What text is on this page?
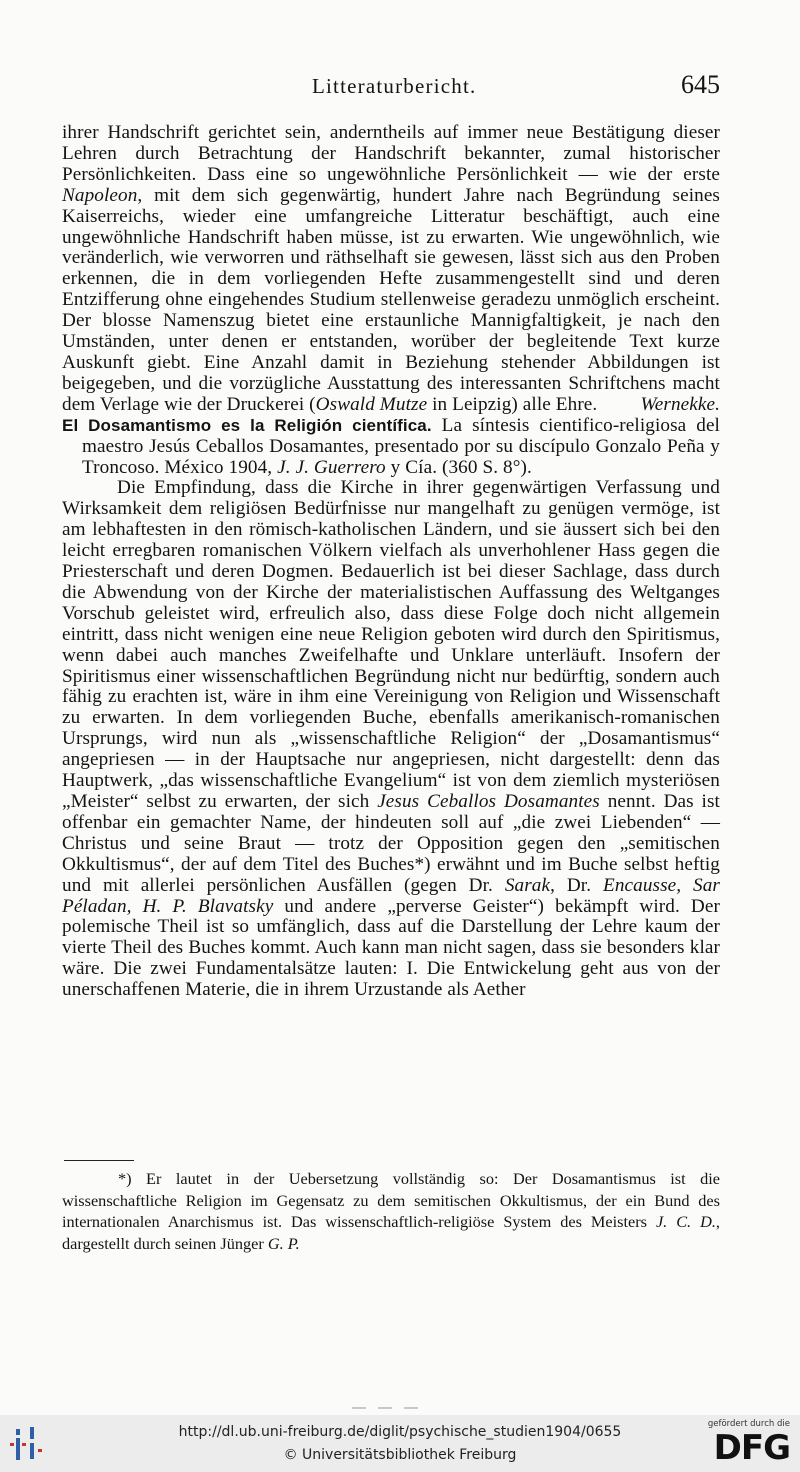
Litteraturbericht.	645

ihrer Handschrift gerichtet sein, anderntheils auf immer neue Bestätigung dieser Lehren durch Betrachtung der Handschrift bekannter, zumal historischer Persönlichkeiten. Dass eine so ungewöhnliche Persönlichkeit — wie der erste Napoleon, mit dem sich gegenwärtig, hundert Jahre nach Begründung seines Kaiserreichs, wieder eine umfangreiche Litteratur beschäftigt, auch eine ungewöhnliche Handschrift haben müsse, ist zu erwarten. Wie ungewöhnlich, wie veränderlich, wie verworren und räthselhaft sie gewesen, lässt sich aus den Proben erkennen, die in dem vorliegenden Hefte zusammengestellt sind und deren Entzifferung ohne eingehendes Studium stellenweise geradezu unmöglich erscheint. Der blosse Namenszug bietet eine erstaunliche Mannigfaltigkeit, je nach den Umständen, unter denen er entstanden, worüber der begleitende Text kurze Auskunft giebt. Eine Anzahl damit in Beziehung stehender Abbildungen ist beigegeben, und die vorzügliche Ausstattung des interessanten Schriftchens macht dem Verlage wie der Druckerei (Oswald Mutze in Leipzig) alle Ehre. Wernekke.

El Dosamantismo es la Religión científica. La síntesis cientifico-religiosa del maestro Jesús Ceballos Dosamantes, presentado por su discípulo Gonzalo Peña y Troncoso. México 1904, J. J. Guerrero y Cía. (360 S. 8°).

Die Empfindung, dass die Kirche in ihrer gegenwärtigen Verfassung und Wirksamkeit dem religiösen Bedürfnisse nur mangelhaft zu genügen vermöge, ist am lebhaftesten in den römisch-katholischen Ländern, und sie äussert sich bei den leicht erregbaren romanischen Völkern vielfach als unverhohlener Hass gegen die Priesterschaft und deren Dogmen. Bedauerlich ist bei dieser Sachlage, dass durch die Abwendung von der Kirche der materialistischen Auffassung des Weltganges Vorschub geleistet wird, erfreulich also, dass diese Folge doch nicht allgemein eintritt, dass nicht wenigen eine neue Religion geboten wird durch den Spiritismus, wenn dabei auch manches Zweifelhafte und Unklare unterläuft. Insofern der Spiritismus einer wissenschaftlichen Begründung nicht nur bedürftig, sondern auch fähig zu erachten ist, wäre in ihm eine Vereinigung von Religion und Wissenschaft zu erwarten. In dem vorliegenden Buche, ebenfalls amerikanisch-romanischen Ursprungs, wird nun als „wissenschaftliche Religion“ der „Dosamantismus“ angepriesen — in der Hauptsache nur angepriesen, nicht dargestellt: denn das Hauptwerk, „das wissenschaftliche Evangelium“ ist von dem ziemlich mysteriösen „Meister“ selbst zu erwarten, der sich Jesus Ceballos Dosamantes nennt. Das ist offenbar ein gemachter Name, der hindeuten soll auf „die zwei Liebenden“ — Christus und seine Braut — trotz der Opposition gegen den „semitischen Okkultismus“, der auf dem Titel des Buches*) erwähnt und im Buche selbst heftig und mit allerlei persönlichen Ausfällen (gegen Dr. Sarak, Dr. Encausse, Sar Péladan, H. P. Blavatsky und andere „perverse Geister“) bekämpft wird. Der polemische Theil ist so umfänglich, dass auf die Darstellung der Lehre kaum der vierte Theil des Buches kommt. Auch kann man nicht sagen, dass sie besonders klar wäre. Die zwei Fundamentalsätze lauten: I. Die Entwickelung geht aus von der unerschaffenen Materie, die in ihrem Urzustande als Aether

*) Er lautet in der Uebersetzung vollständig so: Der Dosamantismus ist die wissenschaftliche Religion im Gegensatz zu dem semitischen Okkultismus, der ein Bund des internationalen Anarchismus ist. Das wissenschaftlich-religiöse System des Meisters J. C. D., dargestellt durch seinen Jünger G. P.

http://dl.ub.uni-freiburg.de/diglit/psychische_studien1904/0655
© Universitätsbibliothek Freiburg
gefördert durch die
DFG
